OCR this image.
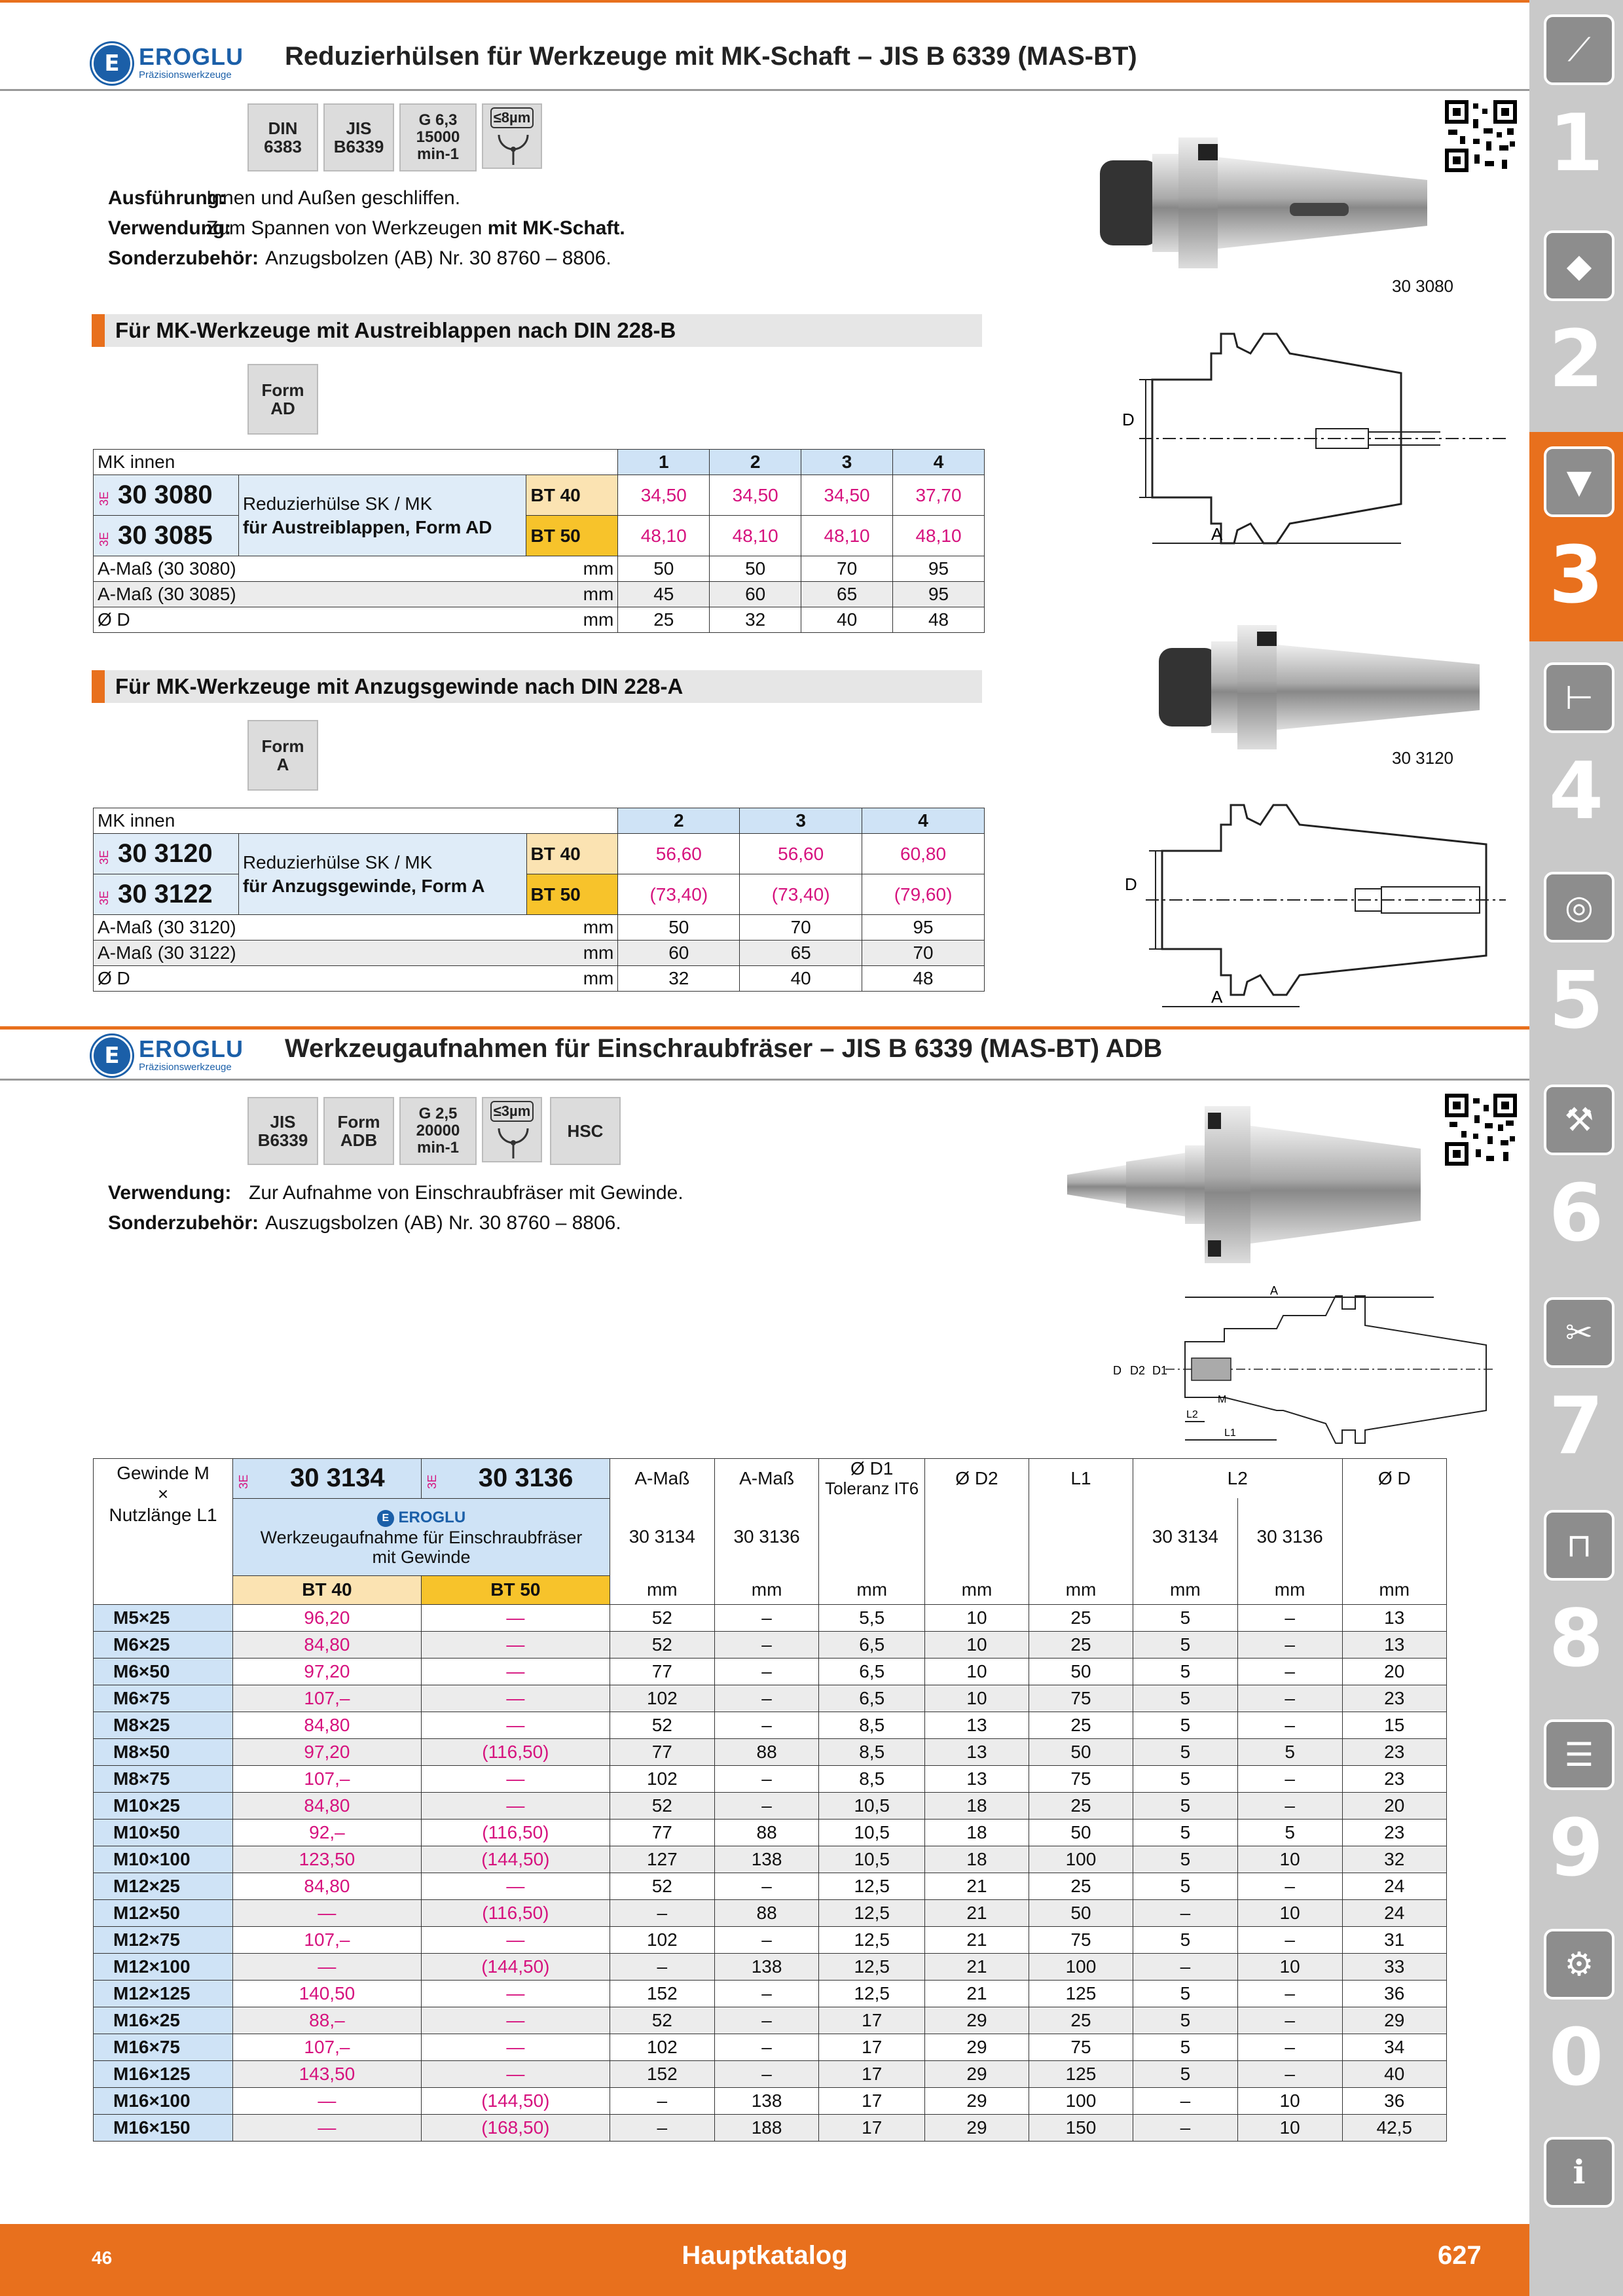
⟋
1
◆
2
▼
3
⊢
4
◎
5
⚒
6
✂
7
⊓
8
☰
9
⚙
0
i
E EROGLU
Präzisionswerkzeuge
Reduzierhülsen für Werkzeuge mit MK-Schaft – JIS B 6339 (MAS-BT)
DIN
6383
JIS
B6339
G 6,3
15000
min-1
≤8µm
Ausführung:
Innen und Außen geschliffen.
Verwendung:
Zum Spannen von Werkzeugen mit MK-Schaft.
Sonderzubehör: Anzugsbolzen (AB) Nr. 30 8760 – 8806.
30 3080
Für MK-Werkzeuge mit Austreiblappen nach DIN 228-B
Form
AD
MK innen			1	2	3	4
3E 30 3080	Reduzierhülse SK / MK
für Austreiblappen, Form AD	BT 40	34,50	34,50	34,50	37,70
3E 30 3085		BT 50	48,10	48,10	48,10	48,10
A-Maß (30 3080)		mm	50	50	70	95
A-Maß (30 3085)		mm	45	60	65	95
Ø D		mm	25	32	40	48
D
A
Für MK-Werkzeuge mit Anzugsgewinde nach DIN 228-A
Form
A	30 3120
MK innen			2	3	4
3E 30 3120	Reduzierhülse SK / MK
für Anzugsgewinde, Form A	BT 40	56,60	56,60	60,80
3E 30 3122		BT 50	(73,40)	(73,40)	(79,60)
A-Maß (30 3120)		mm	50	70	95
A-Maß (30 3122)		mm	60	65	70
Ø D		mm	32	40	48
D
A
E EROGLU
Präzisionswerkzeuge
Werkzeugaufnahmen für Einschraubfräser – JIS B 6339 (MAS-BT) ADB
JIS
B6339
Form
ADB
G 2,5
20000
min-1
≤3µm
HSC
Verwendung: Zur Aufnahme von Einschraubfräser mit Gewinde.
Sonderzubehör: Auszugsbolzen (AB) Nr. 30 8760 – 8806.
A
D D2 D1
M
L2
L1
Gewinde M
×
Nutzlänge L1	3E 30 3134	3E 30 3136	A-Maß	A-Maß	Ø D1
Toleranz IT6	Ø D2	L1	L2		Ø D
	E EROGLU
Werkzeugaufnahme für Einschraubfräser
mit Gewinde		30 3134	30 3136				30 3134	30 3136	
	BT 40	BT 50	mm	mm	mm	mm	mm	mm	mm	mm
M5×25	96,20	—	52	–	5,5	10	25	5	–	13
M6×25	84,80	—	52	–	6,5	10	25	5	–	13
M6×50	97,20	—	77	–	6,5	10	50	5	–	20
M6×75	107,–	—	102	–	6,5	10	75	5	–	23
M8×25	84,80	—	52	–	8,5	13	25	5	–	15
M8×50	97,20	(116,50)	77	88	8,5	13	50	5	5	23
M8×75	107,–	—	102	–	8,5	13	75	5	–	23
M10×25	84,80	—	52	–	10,5	18	25	5	–	20
M10×50	92,–	(116,50)	77	88	10,5	18	50	5	5	23
M10×100	123,50	(144,50)	127	138	10,5	18	100	5	10	32
M12×25	84,80	—	52	–	12,5	21	25	5	–	24
M12×50	—	(116,50)	–	88	12,5	21	50	–	10	24
M12×75	107,–	—	102	–	12,5	21	75	5	–	31
M12×100	—	(144,50)	–	138	12,5	21	100	–	10	33
M12×125	140,50	—	152	–	12,5	21	125	5	–	36
M16×25	88,–	—	52	–	17	29	25	5	–	29
M16×75	107,–	—	102	–	17	29	75	5	–	34
M16×125	143,50	—	152	–	17	29	125	5	–	40
M16×100	—	(144,50)	–	138	17	29	100	–	10	36
M16×150	—	(168,50)	–	188	17	29	150	–	10	42,5
46	Hauptkatalog	627
